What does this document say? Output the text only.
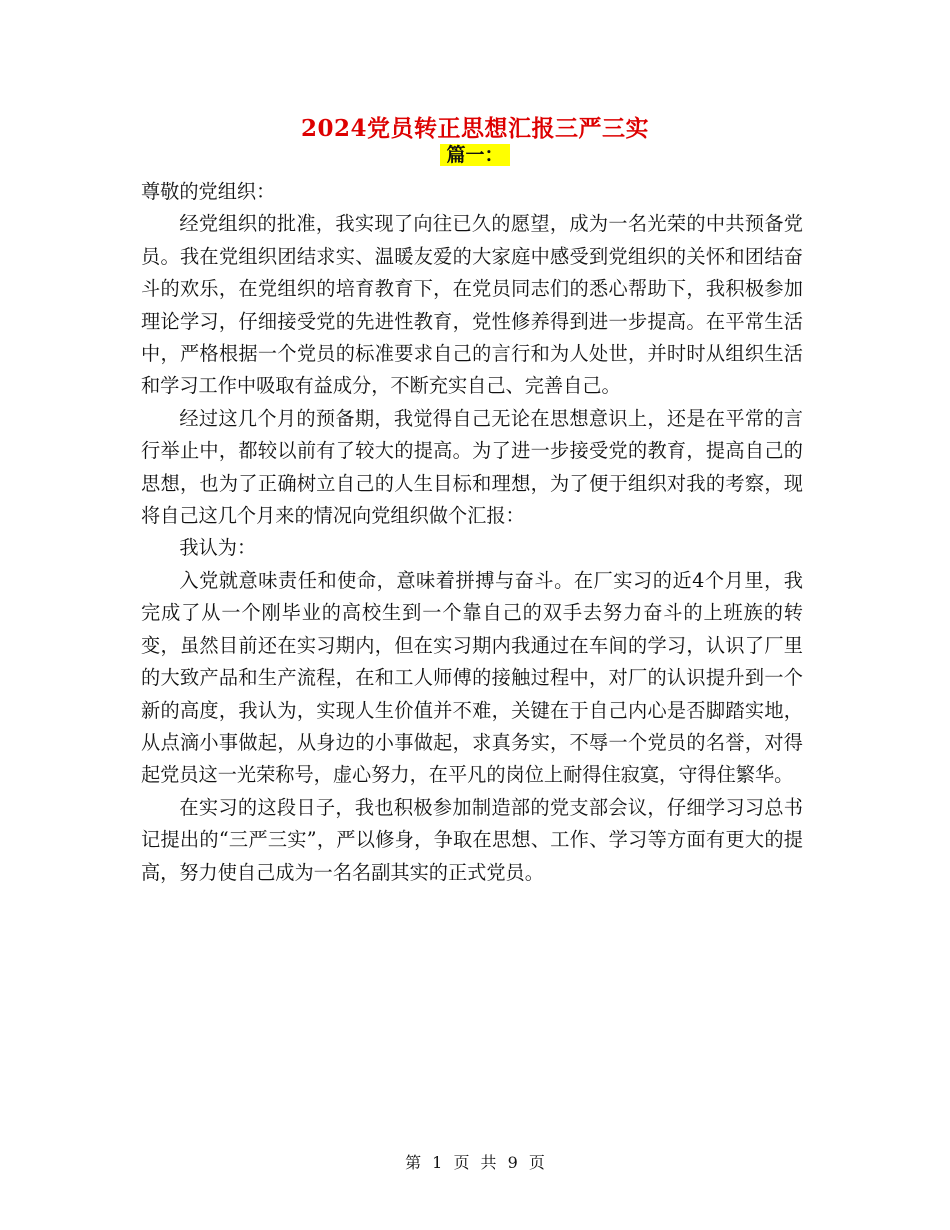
2024党员转正思想汇报三严三实
篇一：

尊敬的党组织：

经党组织的批准，我实现了向往已久的愿望，成为一名光荣的中共预备党员。我在党组织团结求实、温暖友爱的大家庭中感受到党组织的关怀和团结奋斗的欢乐，在党组织的培育教育下，在党员同志们的悉心帮助下，我积极参加理论学习，仔细接受党的先进性教育，党性修养得到进一步提高。在平常生活中，严格根据一个党员的标准要求自己的言行和为人处世，并时时从组织生活和学习工作中吸取有益成分，不断充实自己、完善自己。

经过这几个月的预备期，我觉得自己无论在思想意识上，还是在平常的言行举止中，都较以前有了较大的提高。为了进一步接受党的教育，提高自己的思想，也为了正确树立自己的人生目标和理想，为了便于组织对我的考察，现将自己这几个月来的情况向党组织做个汇报：

我认为：

入党就意味责任和使命，意味着拼搏与奋斗。在厂实习的近4个月里，我完成了从一个刚毕业的高校生到一个靠自己的双手去努力奋斗的上班族的转变，虽然目前还在实习期内，但在实习期内我通过在车间的学习，认识了厂里的大致产品和生产流程，在和工人师傅的接触过程中，对厂的认识提升到一个新的高度，我认为，实现人生价值并不难，关键在于自己内心是否脚踏实地，从点滴小事做起，从身边的小事做起，求真务实，不辱一个党员的名誉，对得起党员这一光荣称号，虚心努力，在平凡的岗位上耐得住寂寞，守得住繁华。

在实习的这段日子，我也积极参加制造部的党支部会议，仔细学习习总书记提出的“三严三实”，严以修身，争取在思想、工作、学习等方面有更大的提高，努力使自己成为一名名副其实的正式党员。

第 1 页 共 9 页
